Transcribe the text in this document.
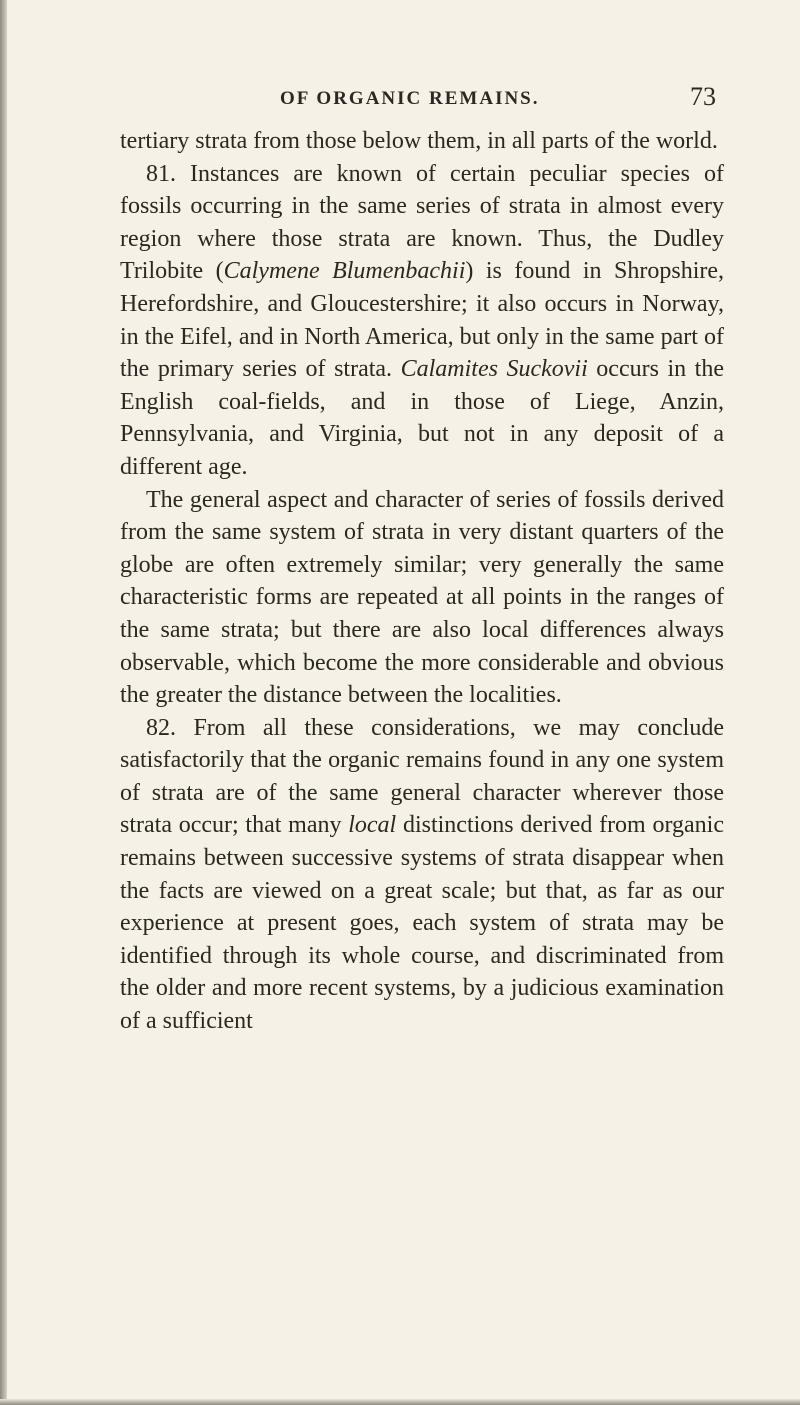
OF ORGANIC REMAINS.	73

tertiary strata from those below them, in all parts of the world.

81. Instances are known of certain peculiar species of fossils occurring in the same series of strata in almost every region where those strata are known. Thus, the Dudley Trilobite (Calymene Blumenbachii) is found in Shropshire, Herefordshire, and Gloucestershire; it also occurs in Norway, in the Eifel, and in North America, but only in the same part of the primary series of strata. Calamites Suckovii occurs in the English coal-fields, and in those of Liege, Anzin, Pennsylvania, and Virginia, but not in any deposit of a different age.

The general aspect and character of series of fossils derived from the same system of strata in very distant quarters of the globe are often extremely similar; very generally the same characteristic forms are repeated at all points in the ranges of the same strata; but there are also local differences always observable, which become the more considerable and obvious the greater the distance between the localities.

82. From all these considerations, we may conclude satisfactorily that the organic remains found in any one system of strata are of the same general character wherever those strata occur; that many local distinctions derived from organic remains between successive systems of strata disappear when the facts are viewed on a great scale; but that, as far as our experience at present goes, each system of strata may be identified through its whole course, and discriminated from the older and more recent systems, by a judicious examination of a sufficient
